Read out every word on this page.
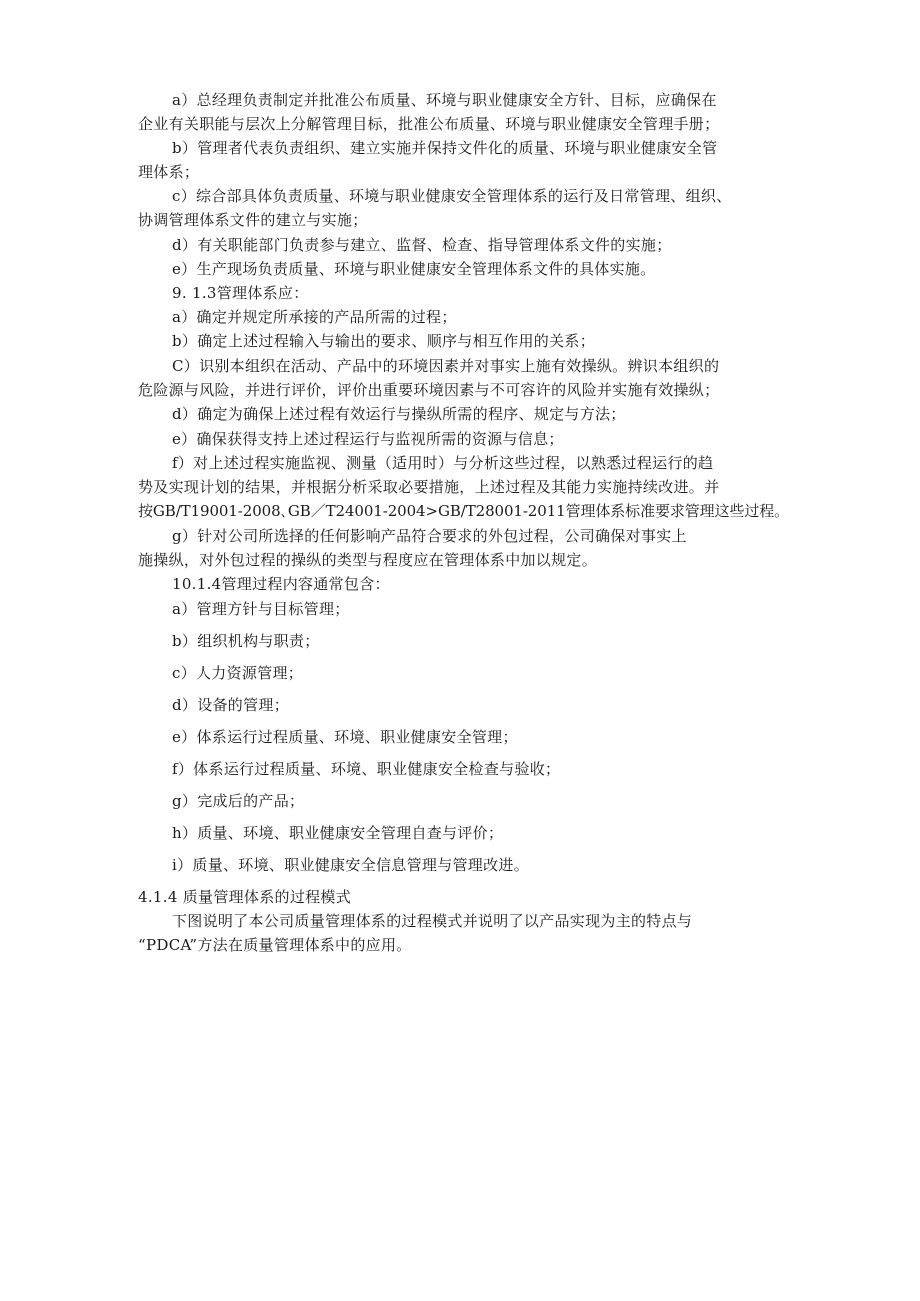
a）总经理负责制定并批准公布质量、环境与职业健康安全方针、目标，应确保在
企业有关职能与层次上分解管理目标，批准公布质量、环境与职业健康安全管理手册；
b）管理者代表负责组织、建立实施并保持文件化的质量、环境与职业健康安全管
理体系；
c）综合部具体负责质量、环境与职业健康安全管理体系的运行及日常管理、组织、
协调管理体系文件的建立与实施；
d）有关职能部门负责参与建立、监督、检查、指导管理体系文件的实施；
e）生产现场负责质量、环境与职业健康安全管理体系文件的具体实施。
9. 1.3管理体系应：
a）确定并规定所承接的产品所需的过程；
b）确定上述过程输入与输出的要求、顺序与相互作用的关系；
C）识别本组织在活动、产品中的环境因素并对事实上施有效操纵。辨识本组织的
危险源与风险，并进行评价，评价出重要环境因素与不可容许的风险并实施有效操纵；
d）确定为确保上述过程有效运行与操纵所需的程序、规定与方法；
e）确保获得支持上述过程运行与监视所需的资源与信息；
f）对上述过程实施监视、测量（适用时）与分析这些过程，以熟悉过程运行的趋
势及实现计划的结果，并根据分析采取必要措施，上述过程及其能力实施持续改进。并
按GB/T19001-2008､GB／T24001-2004>GB/T28001-2011管理体系标准要求管理这些过程。
g）针对公司所选择的任何影响产品符合要求的外包过程，公司确保对事实上
施操纵，对外包过程的操纵的类型与程度应在管理体系中加以规定。
10.1.4管理过程内容通常包含：
a）管理方针与目标管理；
b）组织机构与职责；
c）人力资源管理；
d）设备的管理；
e）体系运行过程质量、环境、职业健康安全管理；
f）体系运行过程质量、环境、职业健康安全检查与验收；
g）完成后的产品；
h）质量、环境、职业健康安全管理自查与评价；
i）质量、环境、职业健康安全信息管理与管理改进。
4.1.4 质量管理体系的过程模式
下图说明了本公司质量管理体系的过程模式并说明了以产品实现为主的特点与
“PDCA”方法在质量管理体系中的应用。
